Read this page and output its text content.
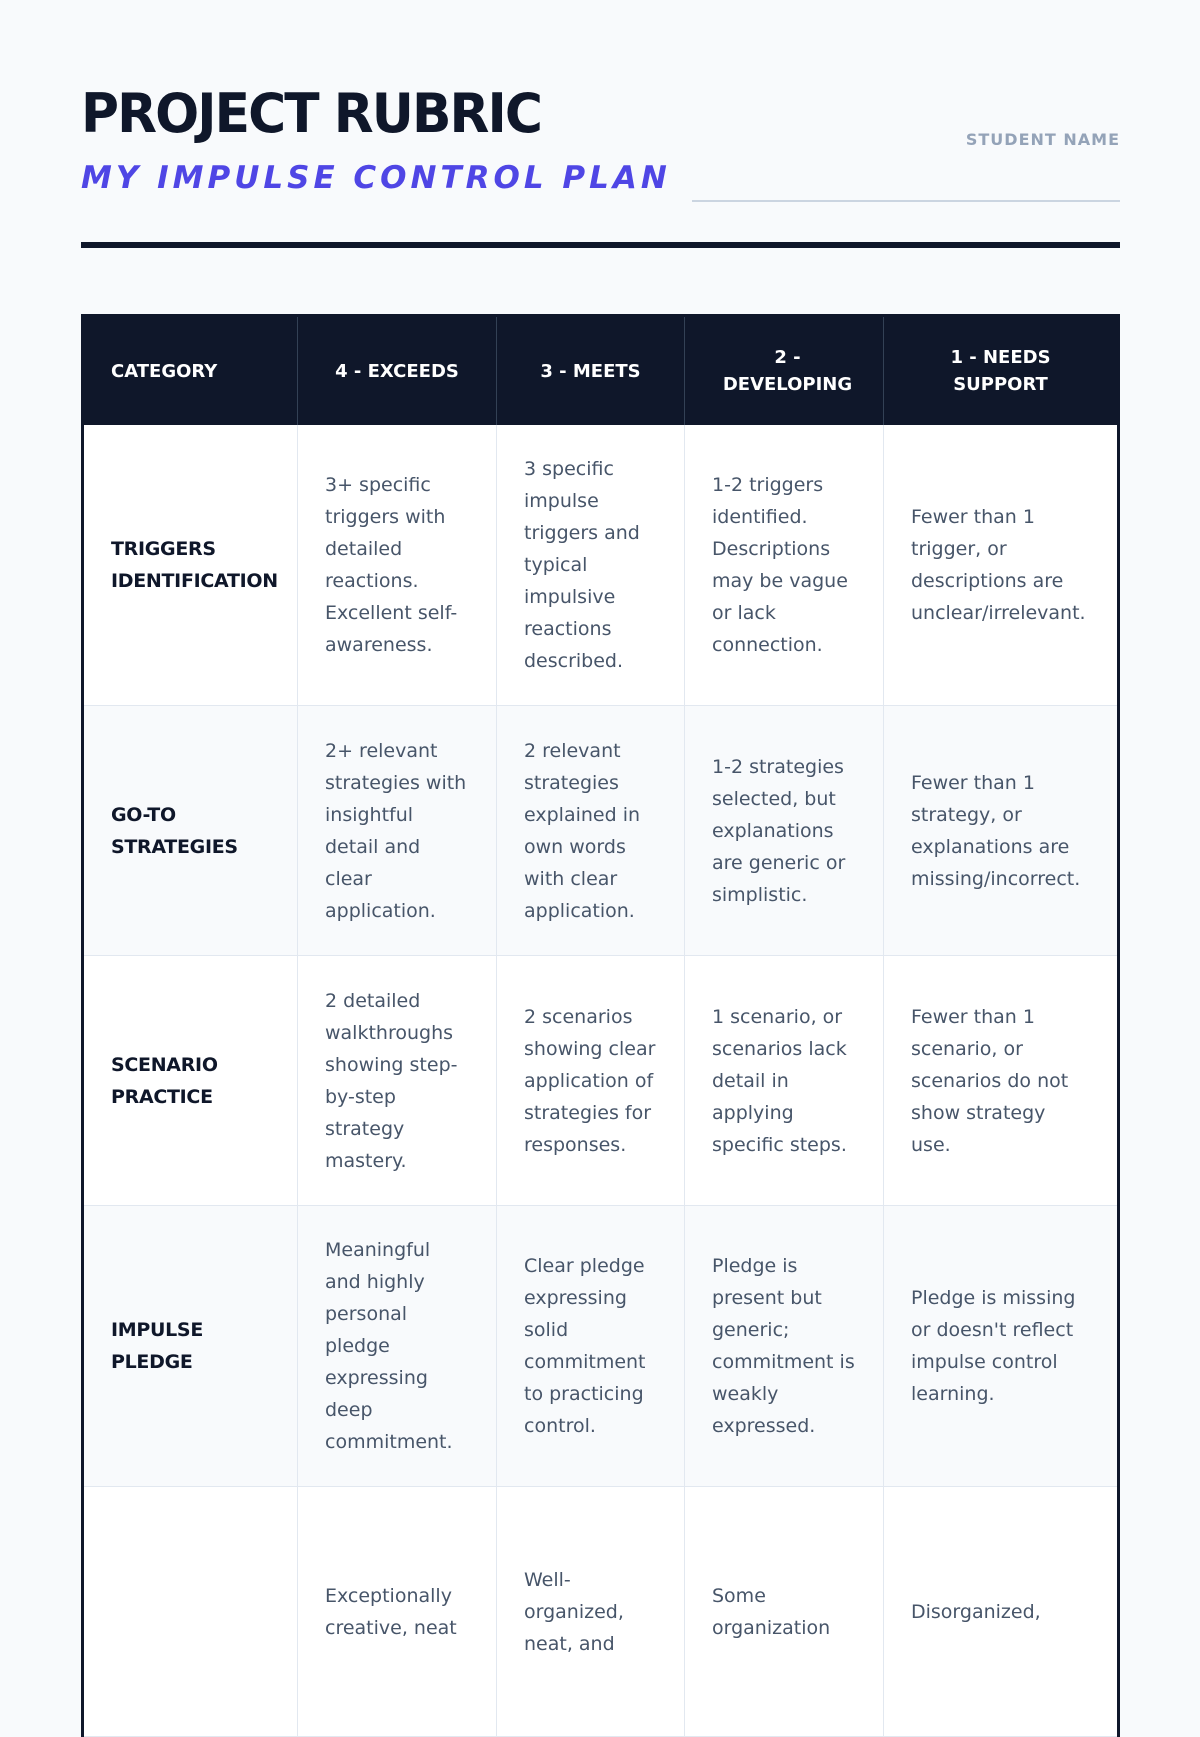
PROJECT RUBRIC
MY IMPULSE CONTROL PLAN
STUDENT NAME
CATEGORY	4 - EXCEEDS	3 - MEETS
2 - DEVELOPING
1 - NEEDS SUPPORT
TRIGGERS IDENTIFICATION
3+ specific triggers with detailed reactions. Excellent self-awareness.
3 specific impulse triggers and typical impulsive reactions described.
1-2 triggers identified. Descriptions may be vague or lack connection.
Fewer than 1 trigger, or descriptions are unclear/irrelevant.
GO-TO STRATEGIES
2+ relevant strategies with insightful detail and clear application.
2 relevant strategies explained in own words with clear application.
1-2 strategies selected, but explanations are generic or simplistic.
Fewer than 1 strategy, or explanations are missing/incorrect.
SCENARIO PRACTICE
2 detailed walkthroughs showing step-by-step strategy mastery.
2 scenarios showing clear application of strategies for responses.
1 scenario, or scenarios lack detail in applying specific steps.
Fewer than 1 scenario, or scenarios do not show strategy use.
IMPULSE PLEDGE
Meaningful and highly personal pledge expressing deep commitment.
Clear pledge expressing solid commitment to practicing control.
Pledge is present but generic; commitment is weakly expressed.
Pledge is missing or doesn't reflect impulse control learning.
Exceptionally creative, neat
Well-organized, neat, and
Some organization
Disorganized,
